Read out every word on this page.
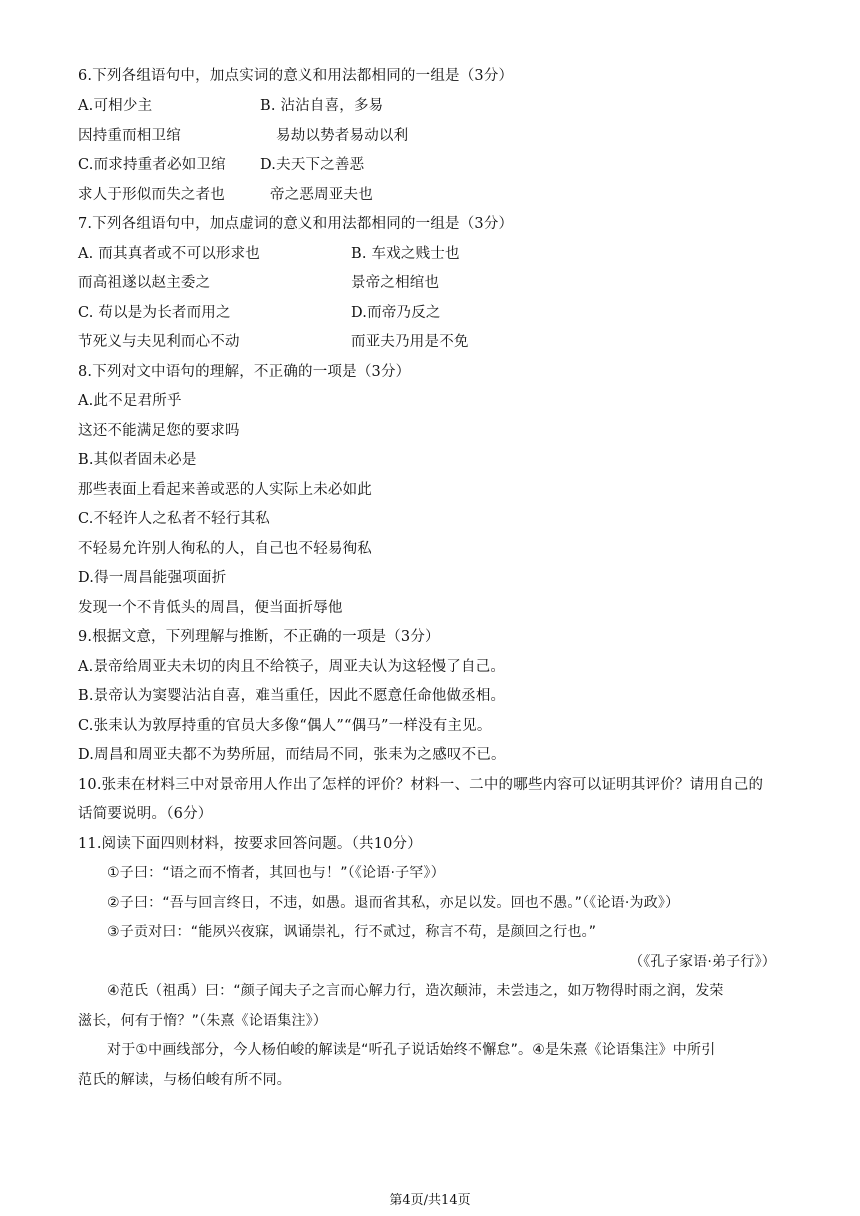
6.下列各组语句中，加点实词的意义和用法都相同的一组是（3分）
A.可相少主	B. 沾沾自喜，多易
因持重而相卫绾	易劫以势者易动以利
C.而求持重者必如卫绾 D.夫天下之善恶
求人于形似而失之者也	帝之恶周亚夫也
7.下列各组语句中，加点虚词的意义和用法都相同的一组是（3分）
A. 而其真者或不可以形求也	B. 车戏之贱士也
而高祖遂以赵主委之	景帝之相绾也
C. 苟以是为长者而用之	D.而帝乃反之
节死义与夫见利而心不动	而亚夫乃用是不免
8.下列对文中语句的理解，不正确的一项是（3分）
A.此不足君所乎
这还不能满足您的要求吗
B.其似者固未必是
那些表面上看起来善或恶的人实际上未必如此
C.不轻许人之私者不轻行其私
不轻易允许别人徇私的人，自己也不轻易徇私
D.得一周昌能强项面折
发现一个不肯低头的周昌，便当面折辱他
9.根据文意，下列理解与推断，不正确的一项是（3分）
A.景帝给周亚夫未切的肉且不给筷子，周亚夫认为这轻慢了自己。
B.景帝认为窦婴沾沾自喜，难当重任，因此不愿意任命他做丞相。
C.张耒认为敦厚持重的官员大多像“偶人”“偶马”一样没有主见。
D.周昌和周亚夫都不为势所屈，而结局不同，张耒为之感叹不已。
10.张耒在材料三中对景帝用人作出了怎样的评价？材料一、二中的哪些内容可以证明其评价？请用自己的
话简要说明。（6分）
11.阅读下面四则材料，按要求回答问题。（共10分）
①子曰：“语之而不惰者，其回也与！”（《论语·子罕》）
②子曰：“吾与回言终日，不违，如愚。退而省其私，亦足以发。回也不愚。”（《论语·为政》）
③子贡对曰：“能夙兴夜寐，讽诵崇礼，行不贰过，称言不苟，是颜回之行也。”
（《孔子家语·弟子行》）
④范氏（祖禹）曰：“颜子闻夫子之言而心解力行，造次颠沛，未尝违之，如万物得时雨之润，发荣
滋长，何有于惰？”（朱熹《论语集注》）
对于①中画线部分，今人杨伯峻的解读是“听孔子说话始终不懈怠”。④是朱熹《论语集注》中所引
范氏的解读，与杨伯峻有所不同。
第4页/共14页
